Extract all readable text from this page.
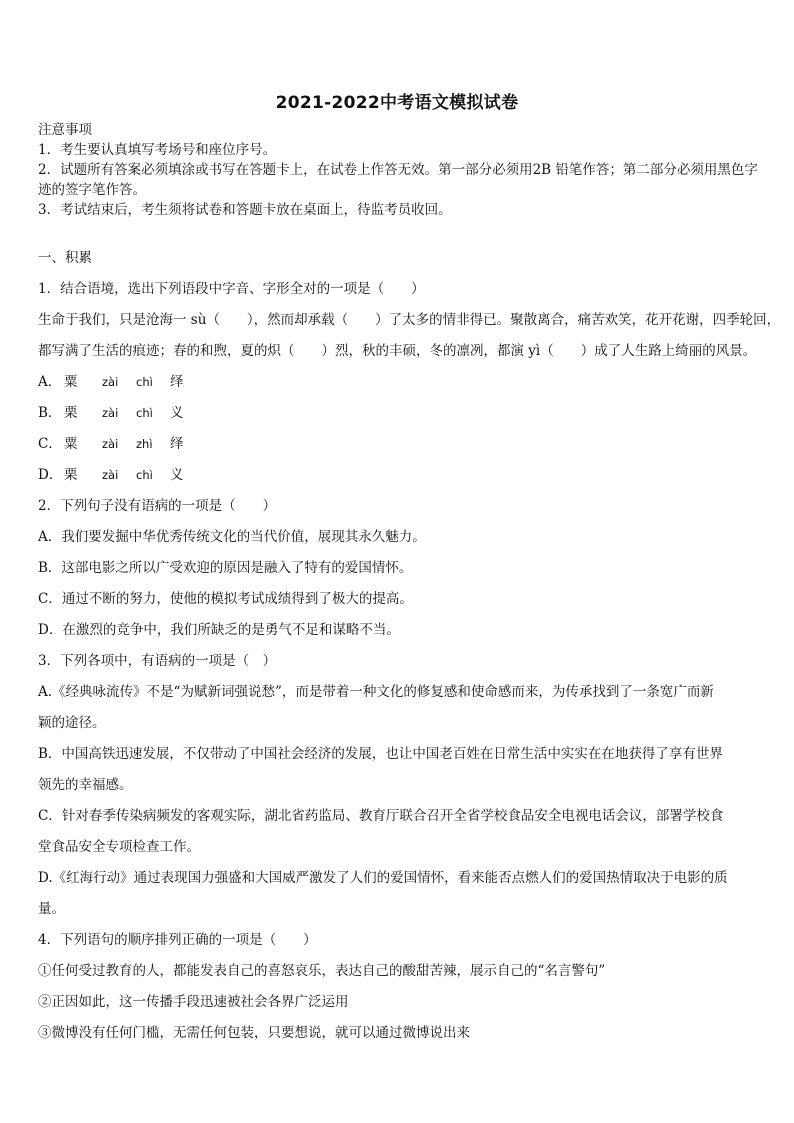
2021-2022中考语文模拟试卷
注意事项
1．考生要认真填写考场号和座位序号。
2．试题所有答案必须填涂或书写在答题卡上，在试卷上作答无效。第一部分必须用2B 铅笔作答；第二部分必须用黑色字迹的签字笔作答。
3．考试结束后，考生须将试卷和答题卡放在桌面上，待监考员收回。
一、积累
1．结合语境，选出下列语段中字音、字形全对的一项是（　　）
生命于我们，只是沧海一 sù（　　），然而却承载（　　）了太多的情非得已。聚散离合，痛苦欢笑，花开花谢，四季轮回，
都写满了生活的痕迹；春的和煦，夏的炽（　　）烈，秋的丰硕，冬的凛冽，都演 yì（　　）成了人生路上绮丽的风景。
A． 粟	zài	chì	绎
B． 栗	zài	chì	义
C． 粟	zài	zhì	绎
D． 栗	zài	chì	义
2．下列句子没有语病的一项是（　　）
A．我们要发掘中华优秀传统文化的当代价值，展现其永久魅力。
B．这部电影之所以广受欢迎的原因是融入了特有的爱国情怀。
C．通过不断的努力，使他的模拟考试成绩得到了极大的提高。
D．在激烈的竞争中，我们所缺乏的是勇气不足和谋略不当。
3．下列各项中，有语病的一项是（　）
A.《经典咏流传》不是“为赋新词强说愁”，而是带着一种文化的修复感和使命感而来，为传承找到了一条宽广而新
颖的途径。
B．中国高铁迅速发展，不仅带动了中国社会经济的发展，也让中国老百姓在日常生活中实实在在地获得了享有世界
领先的幸福感。
C．针对春季传染病频发的客观实际，湖北省药监局、教育厅联合召开全省学校食品安全电视电话会议，部署学校食
堂食品安全专项检查工作。
D.《红海行动》通过表现国力强盛和大国威严激发了人们的爱国情怀，看来能否点燃人们的爱国热情取决于电影的质
量。
4．下列语句的顺序排列正确的一项是（　　）
①任何受过教育的人，都能发表自己的喜怒哀乐，表达自己的酸甜苦辣，展示自己的“名言警句”
②正因如此，这一传播手段迅速被社会各界广泛运用
③微博没有任何门槛，无需任何包装，只要想说，就可以通过微博说出来
